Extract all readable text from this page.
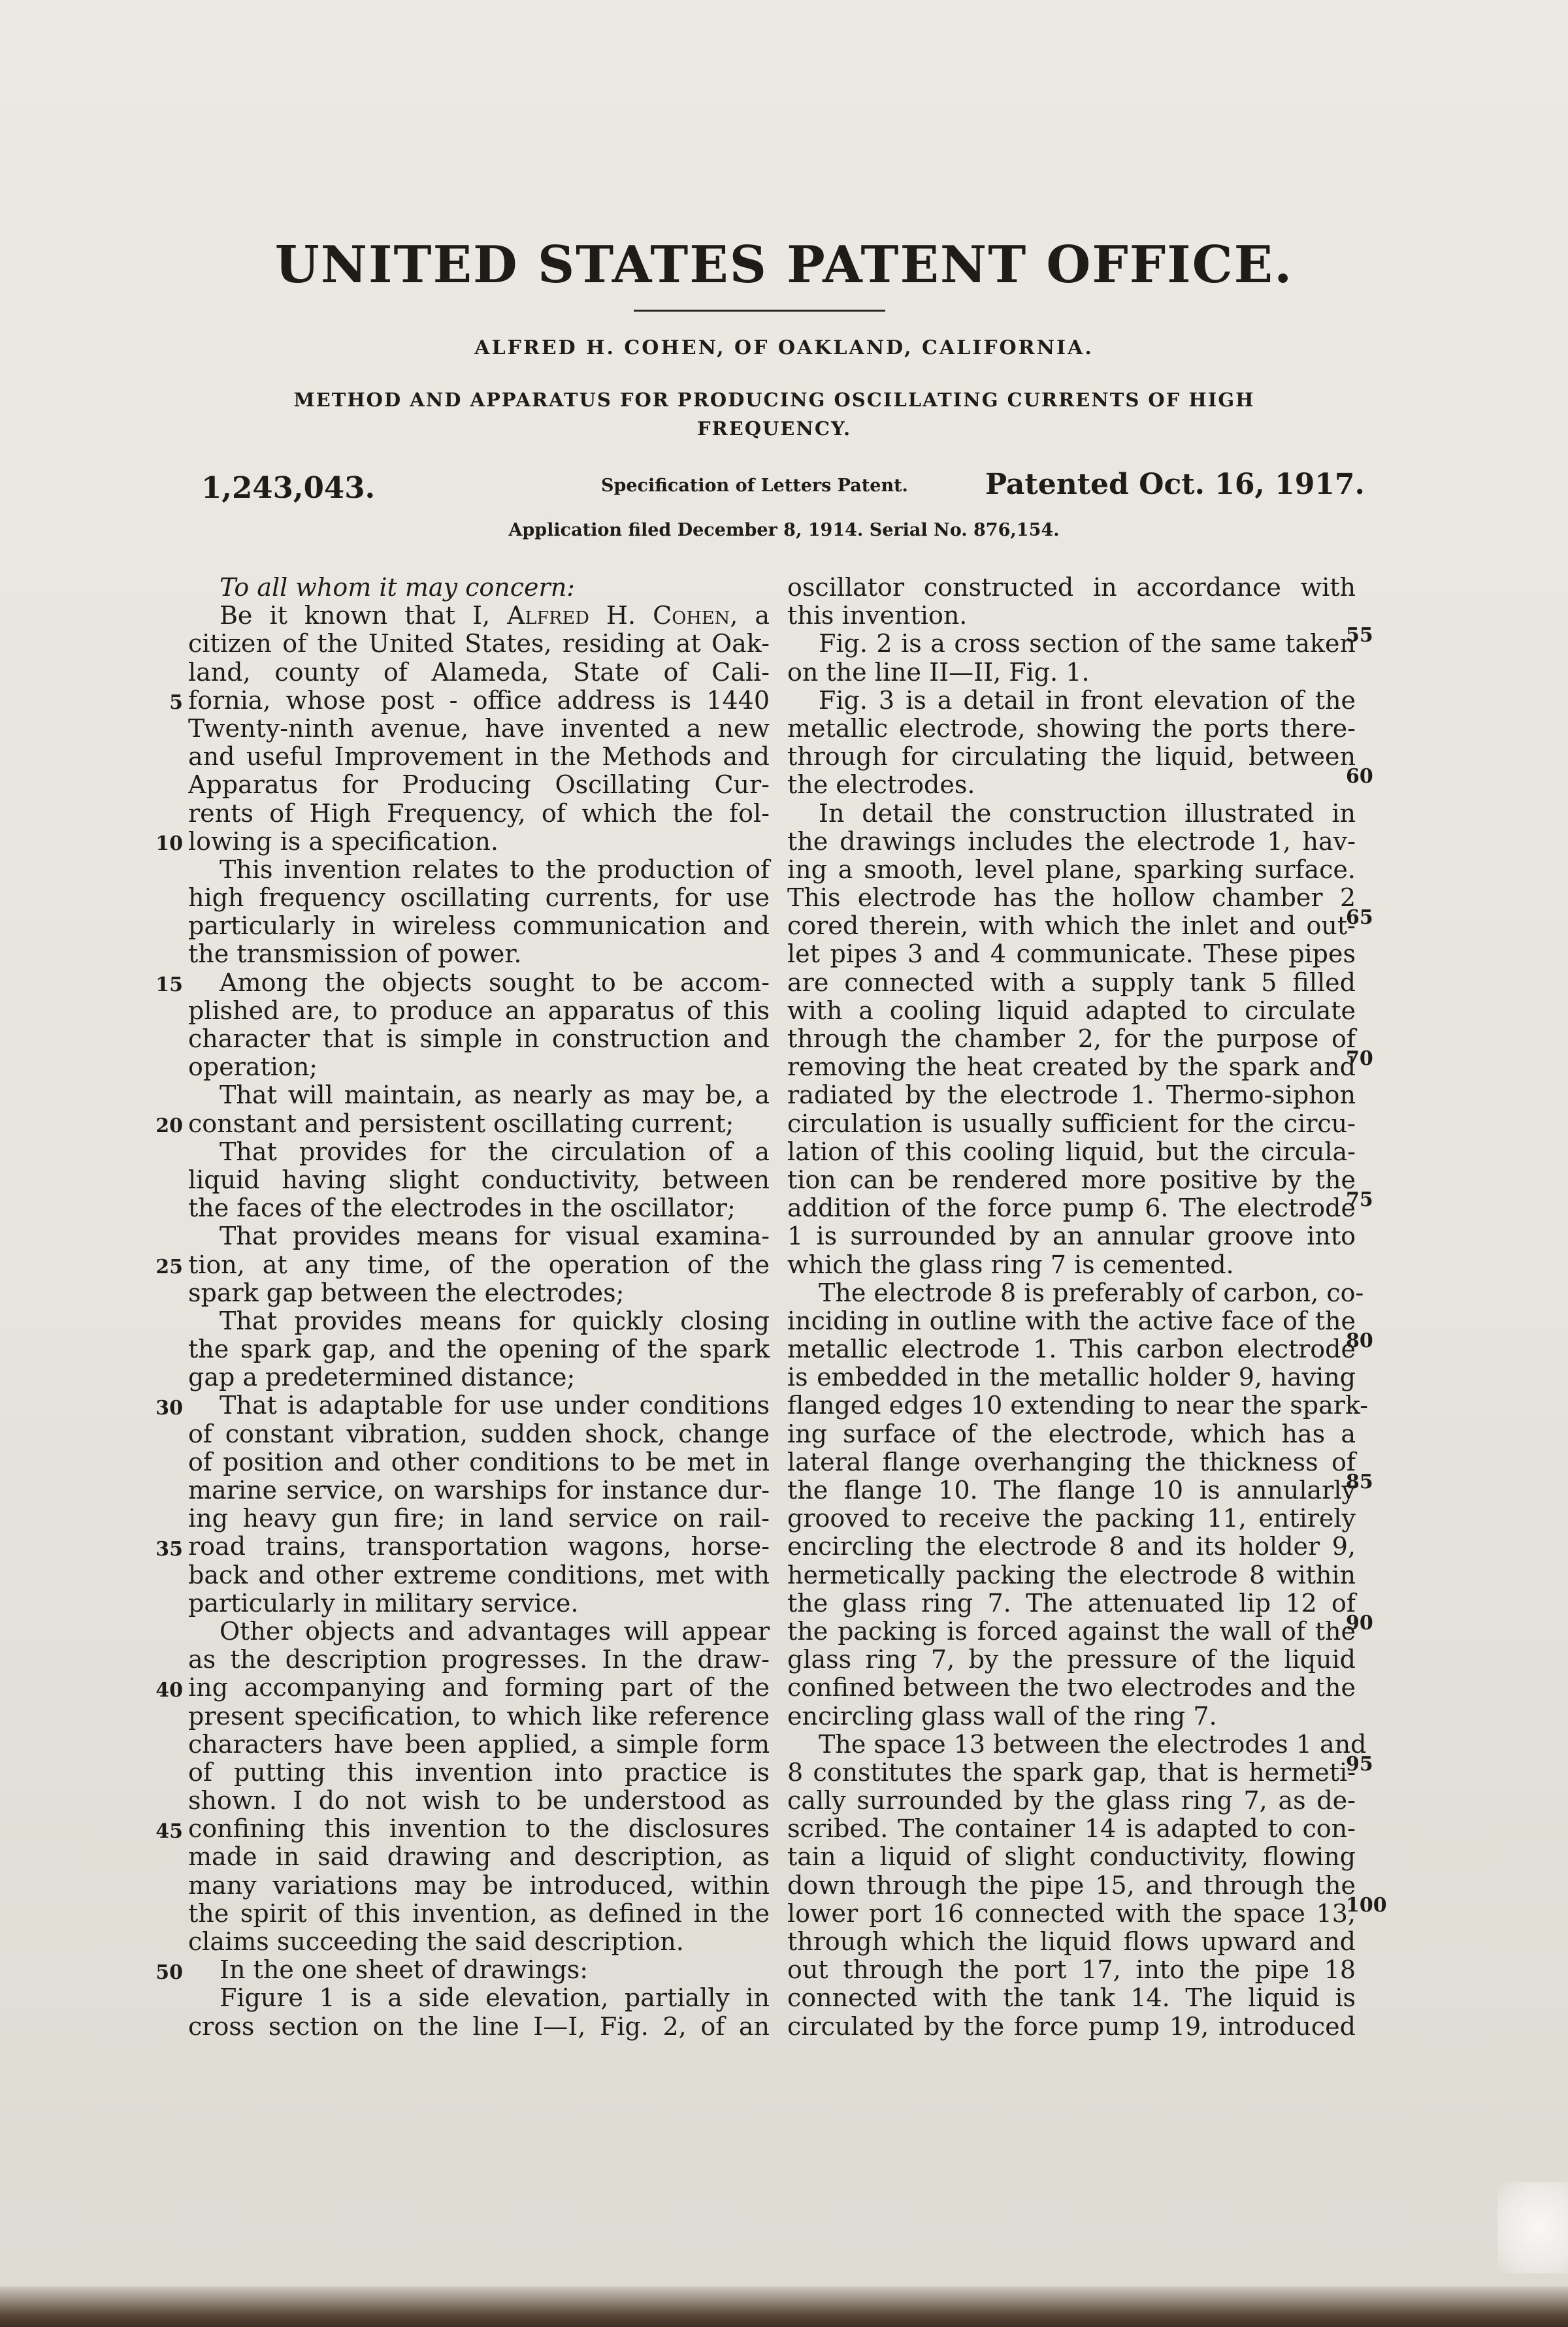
UNITED STATES PATENT OFFICE.
ALFRED H. COHEN, OF OAKLAND, CALIFORNIA.
METHOD AND APPARATUS FOR PRODUCING OSCILLATING CURRENTS OF HIGH FREQUENCY.
1,243,043.	Specification of Letters Patent.	Patented Oct. 16, 1917.
Application filed December 8, 1914. Serial No. 876,154.
To all whom it may concern:
Be it known that I, Alfred H. Cohen, a
citizen of the United States, residing at Oak-
land, county of Alameda, State of Cali-
fornia, whose post - office address is 1440
Twenty-ninth avenue, have invented a new
and useful Improvement in the Methods and
Apparatus for Producing Oscillating Cur-
rents of High Frequency, of which the fol-
lowing is a specification.
This invention relates to the production of
high frequency oscillating currents, for use
particularly in wireless communication and
the transmission of power.
Among the objects sought to be accom-
plished are, to produce an apparatus of this
character that is simple in construction and
operation;
That will maintain, as nearly as may be, a
constant and persistent oscillating current;
That provides for the circulation of a
liquid having slight conductivity, between
the faces of the electrodes in the oscillator;
That provides means for visual examina-
tion, at any time, of the operation of the
spark gap between the electrodes;
That provides means for quickly closing
the spark gap, and the opening of the spark
gap a predetermined distance;
That is adaptable for use under conditions
of constant vibration, sudden shock, change
of position and other conditions to be met in
marine service, on warships for instance dur-
ing heavy gun fire; in land service on rail-
road trains, transportation wagons, horse-
back and other extreme conditions, met with
particularly in military service.
Other objects and advantages will appear
as the description progresses. In the draw-
ing accompanying and forming part of the
present specification, to which like reference
characters have been applied, a simple form
of putting this invention into practice is
shown. I do not wish to be understood as
confining this invention to the disclosures
made in said drawing and description, as
many variations may be introduced, within
the spirit of this invention, as defined in the
claims succeeding the said description.
In the one sheet of drawings:
Figure 1 is a side elevation, partially in
cross section on the line I—I, Fig. 2, of an
oscillator constructed in accordance with
this invention.
Fig. 2 is a cross section of the same taken
on the line II—II, Fig. 1.
Fig. 3 is a detail in front elevation of the
metallic electrode, showing the ports there-
through for circulating the liquid, between
the electrodes.
In detail the construction illustrated in
the drawings includes the electrode 1, hav-
ing a smooth, level plane, sparking surface.
This electrode has the hollow chamber 2
cored therein, with which the inlet and out-
let pipes 3 and 4 communicate. These pipes
are connected with a supply tank 5 filled
with a cooling liquid adapted to circulate
through the chamber 2, for the purpose of
removing the heat created by the spark and
radiated by the electrode 1. Thermo-siphon
circulation is usually sufficient for the circu-
lation of this cooling liquid, but the circula-
tion can be rendered more positive by the
addition of the force pump 6. The electrode
1 is surrounded by an annular groove into
which the glass ring 7 is cemented.
The electrode 8 is preferably of carbon, co-
inciding in outline with the active face of the
metallic electrode 1. This carbon electrode
is embedded in the metallic holder 9, having
flanged edges 10 extending to near the spark-
ing surface of the electrode, which has a
lateral flange overhanging the thickness of
the flange 10. The flange 10 is annularly
grooved to receive the packing 11, entirely
encircling the electrode 8 and its holder 9,
hermetically packing the electrode 8 within
the glass ring 7. The attenuated lip 12 of
the packing is forced against the wall of the
glass ring 7, by the pressure of the liquid
confined between the two electrodes and the
encircling glass wall of the ring 7.
The space 13 between the electrodes 1 and
8 constitutes the spark gap, that is hermeti-
cally surrounded by the glass ring 7, as de-
scribed. The container 14 is adapted to con-
tain a liquid of slight conductivity, flowing
down through the pipe 15, and through the
lower port 16 connected with the space 13,
through which the liquid flows upward and
out through the port 17, into the pipe 18
connected with the tank 14. The liquid is
circulated by the force pump 19, introduced
5
10
15
20
25
30
35
40
45
50
55
60
65
70
75
80
85
90
95
100
